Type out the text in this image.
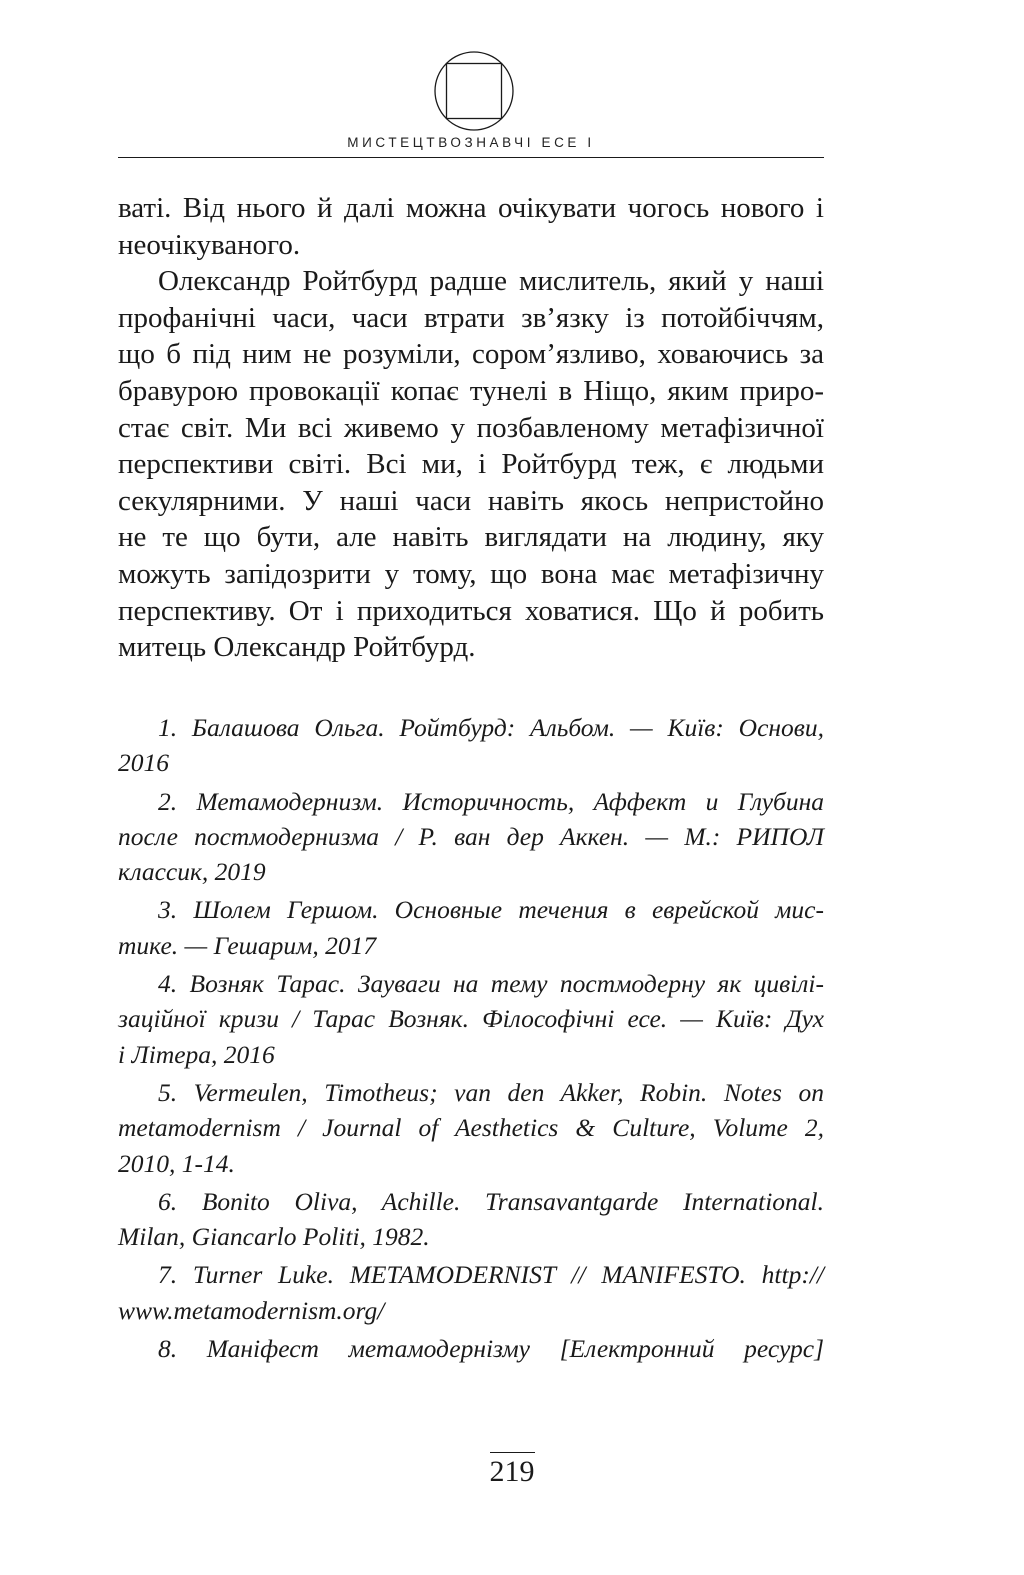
МИСТЕЦТВОЗНАВЧІ ЕСЕ І
ваті. Від нього й далі можна очікувати чогось нового і
неочікуваного.
Олександр Ройтбурд радше мислитель, який у наші
профанічні часи, часи втрати зв’язку із потойбіччям,
що б під ним не розуміли, сором’язливо, ховаючись за
бравурою провокації копає тунелі в Ніщо, яким приро-
стає світ. Ми всі живемо у позбавленому метафізичної
перспективи світі. Всі ми, і Ройтбурд теж, є людьми
секулярними. У наші часи навіть якось непристойно
не те що бути, але навіть виглядати на людину, яку
можуть запідозрити у тому, що вона має метафізичну
перспективу. От і приходиться ховатися. Що й робить
митець Олександр Ройтбурд.
1. Балашова Ольга. Ройтбурд: Альбом. — Київ: Основи,
2016
2. Метамодернизм. Историчность, Аффект и Глубина
после постмодернизма / Р. ван дер Аккен. — М.: РИПОЛ
классик, 2019
3. Шолем Гершом. Основные течения в еврейской мис-
тике. — Гешарим, 2017
4. Возняк Тарас. Зауваги на тему постмодерну як цивілі-
заційної кризи / Тарас Возняк. Філософічні есе. — Київ: Дух
і Літера, 2016
5. Vermeulen, Timotheus; van den Akker, Robin. Notes on
metamodernism / Journal of Aesthetics & Culture, Volume 2,
2010, 1-14.
6. Bonito Oliva, Achille. Transavantgarde International.
Milan, Giancarlo Politi, 1982.
7. Turner Luke. METAMODERNIST // MANIFESTO. http://
www.metamodernism.org/
8. Маніфест метамодернізму [Електронний ресурс]
219
